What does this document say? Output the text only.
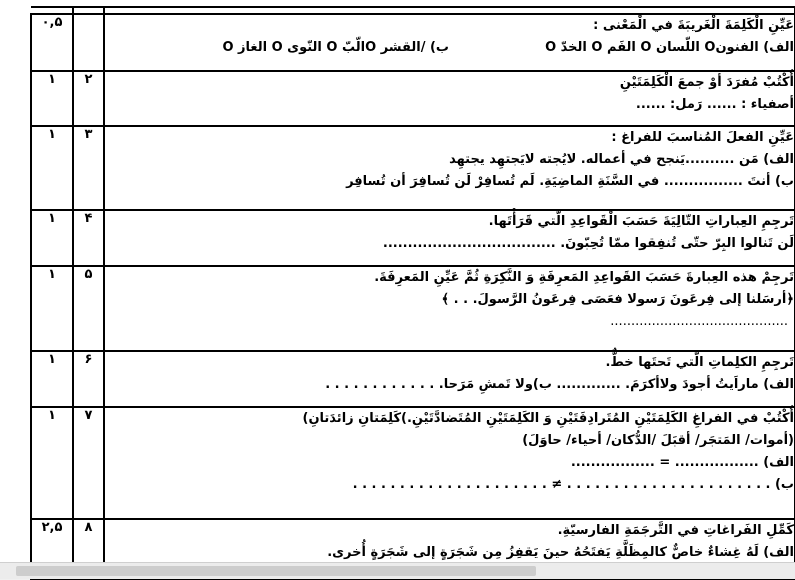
۰,۵		عَيِّنِ الْكَلِمَةَ الْغَريبَةَ في الْمَعْنى :
الف) الفنونO اللّسان O الفَم O الخدّ O
ب) /القشر Oالّبّ O النّوى O الغاز O

۱	۲	أُكْتُبْ مُفرَدَ أوْ جمعَ الْكَلِمَتَيْنِ
أصفياء : ...... رَمل: ......

۱	۳	عَيِّنِ الفعلَ المُناسبَ للفراغ :
الف) مَن ..........يَنجح في أعماله. لايُجته لايَجتهِد يجتهِد
ب) أنتَ ................ في السَّنَةِ الماضِيَةِ. لَم تُسافِرْ لَن تُسافِرَ أن تُسافِر

۱	۴	تَرجِمِ العِباراتِ التّالِيَةَ حَسَبَ الْقَواعِدِ الّتي قَرَأْتَها.
لَن تَنالوا البِرّ حتّى تُنفِقوا ممّا تُحِبّونَ. ...................................

۱	۵	تَرجِمْ هذه العِبارةَ حَسَبَ القَواعِدِ المَعرِفَةِ وَ النَّكِرَةِ ثُمَّ عَيِّنِ المَعرِفَةَ.
﴿أرسَلنا إلى فِرعَونَ رَسولا فعَصَى فِرعَونُ الرَّسولَ. . . ﴾
...........................................

۱	۶	تَرجِمِ الكلِماتِ الّتي تَحتَها خطٌّ.
الف) ماراَيتُ أجودَ ولاأكرَمَ. ............. ب)ولا تَمشِ مَرَحا. . . . . . . . . . . . .

۱	۷	أُكْتُبْ في الفراغِ الكَلِمَتَيْنِ المُتَرادِفَتَيْنِ وَ الكَلِمَتَيْنِ المُتَضادَّتَيْنِ.)كَلِمَتانِ زائدَتانِ)
(أموات/ المَتجَر/ أقبَلَ /الدُّكان/ أحياء/ حاوَلَ)
الف) ................. = .................
ب) . . . . . . . . . . . . . . . . . . . . . . ≠ . . . . . . . . . . . . . . . . . . . . .

۲,۵	۸	كَمِّلِ الفَراغاتِ في التَّرجَمَةِ الفارسيّةِ.
الف) لَهُ غِشاءٌ خاصٌّ كالمِظَلَّةِ يَفتَحُهُ حينَ يَقفِزُ مِن شَجَرَةٍ إلى شَجَرَةٍ أُخرى.
